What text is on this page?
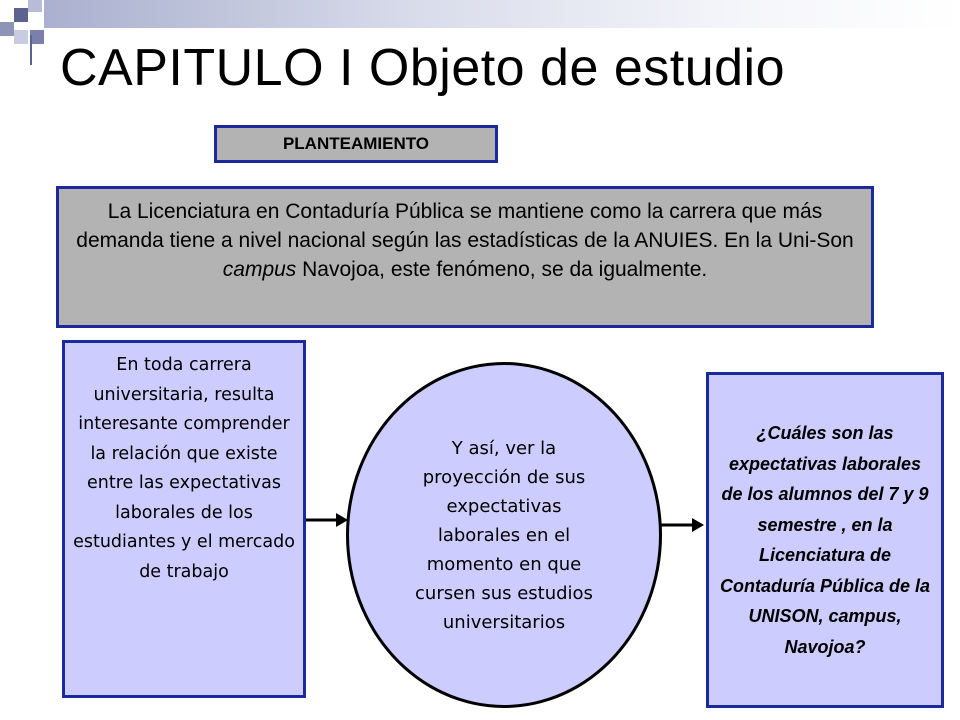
CAPITULO I Objeto de estudio
PLANTEAMIENTO
La Licenciatura en Contaduría Pública se mantiene como la carrera que más demanda tiene a nivel nacional según las estadísticas de la ANUIES. En la Uni-Son campus Navojoa, este fenómeno, se da igualmente.
En toda carrera universitaria, resulta interesante comprender la relación que existe entre las expectativas laborales de los estudiantes y el mercado de trabajo
Y así, ver la proyección de sus expectativas laborales en el momento en que cursen sus estudios universitarios
¿Cuáles son las expectativas laborales de los alumnos del 7 y 9 semestre , en la Licenciatura de Contaduría Pública de la UNISON, campus, Navojoa?
